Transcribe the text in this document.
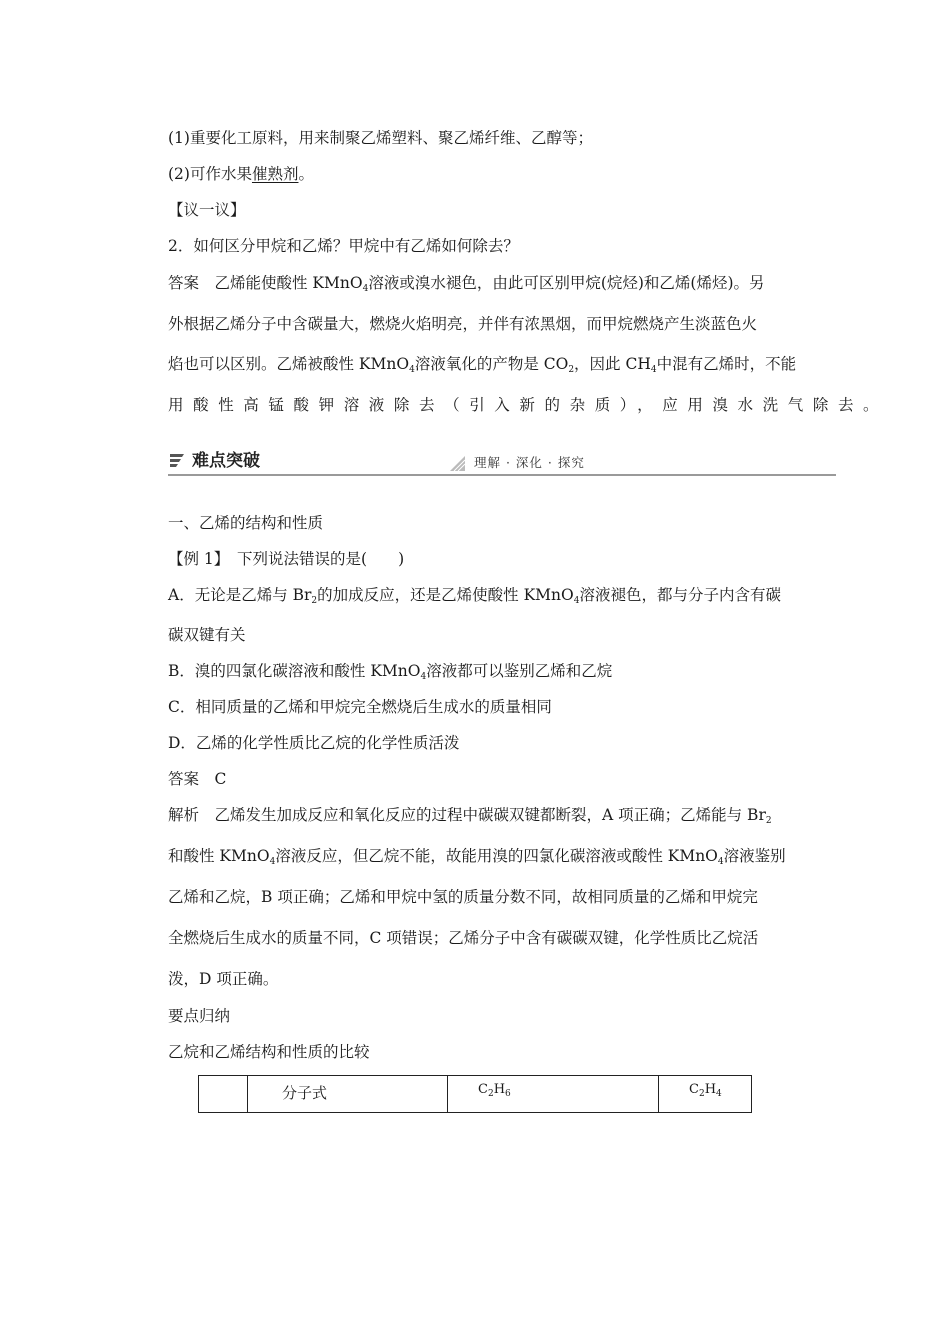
(1)重要化工原料，用来制聚乙烯塑料、聚乙烯纤维、乙醇等；
(2)可作水果催熟剂。
【议一议】
2．如何区分甲烷和乙烯？甲烷中有乙烯如何除去？
答案　乙烯能使酸性 KMnO$_4$溶液或溴水褪色，由此可区别甲烷(烷烃)和乙烯(烯烃)。另
外根据乙烯分子中含碳量大，燃烧火焰明亮，并伴有浓黑烟，而甲烷燃烧产生淡蓝色火
焰也可以区别。乙烯被酸性 KMnO$_4$溶液氧化的产物是 $CO_2$，因此 $CH_4$中混有乙烯时，不能
用酸性高锰酸钾溶液除去（引入新的杂质），应用溴水洗气除去。
难点突破	理解 · 深化 · 探究
一、乙烯的结构和性质
【例 1】　下列说法错误的是(　　)
A．无论是乙烯与 $Br_2$的加成反应，还是乙烯使酸性 KMnO$_4$溶液褪色，都与分子内含有碳
碳双键有关
B．溴的四氯化碳溶液和酸性 KMnO$_4$溶液都可以鉴别乙烯和乙烷
C．相同质量的乙烯和甲烷完全燃烧后生成水的质量相同
D．乙烯的化学性质比乙烷的化学性质活泼
答案　C
解析　乙烯发生加成反应和氧化反应的过程中碳碳双键都断裂，A 项正确；乙烯能与 $Br_2$
和酸性 KMnO$_4$溶液反应，但乙烷不能，故能用溴的四氯化碳溶液或酸性 KMnO$_4$溶液鉴别
乙烯和乙烷，B 项正确；乙烯和甲烷中氢的质量分数不同，故相同质量的乙烯和甲烷完
全燃烧后生成水的质量不同，C 项错误；乙烯分子中含有碳碳双键，化学性质比乙烷活
泼，D 项正确。
要点归纳
乙烷和乙烯结构和性质的比较
	分子式	$C_2H_6$	$C_2H_4$
